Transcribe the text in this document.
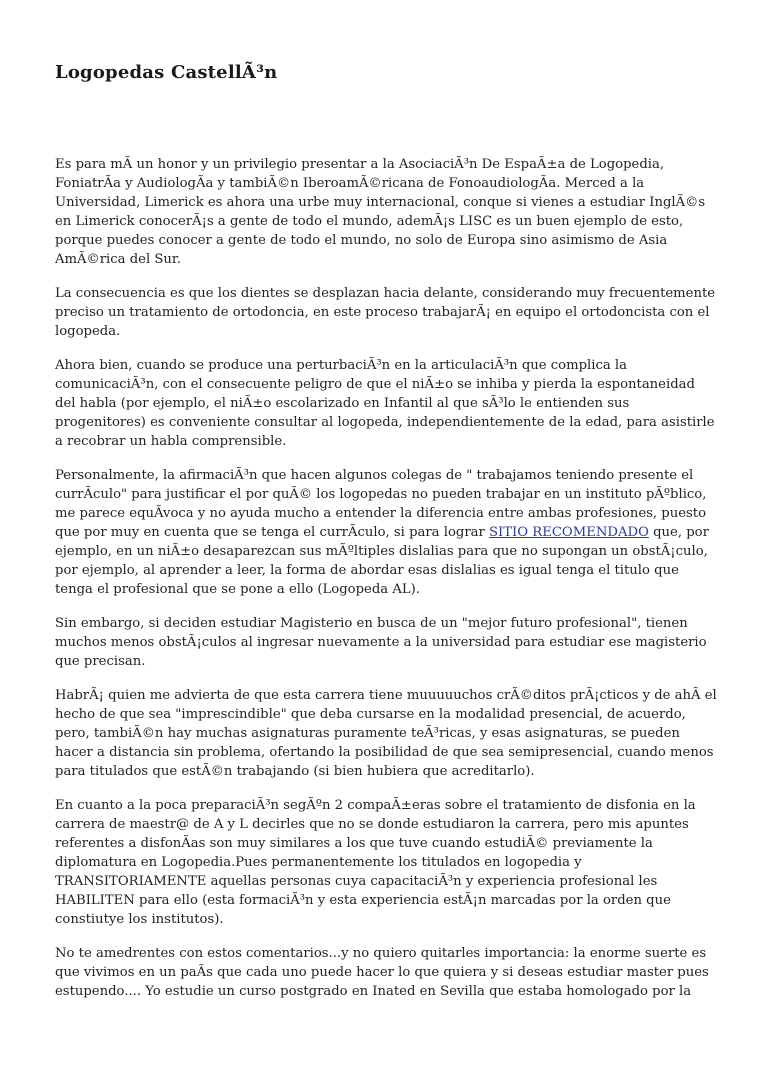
Logopedas CastellÃ³n

Es para mÃ un honor y un privilegio presentar a la AsociaciÃ³n De EspaÃ±a de Logopedia, FoniatrÃa y AudiologÃa y tambiÃ©n IberoamÃ©ricana de FonoaudiologÃa. Merced a la Universidad, Limerick es ahora una urbe muy internacional, conque si vienes a estudiar InglÃ©s en Limerick conocerÃ¡s a gente de todo el mundo, ademÃ¡s LISC es un buen ejemplo de esto, porque puedes conocer a gente de todo el mundo, no solo de Europa sino asimismo de Asia AmÃ©rica del Sur.

La consecuencia es que los dientes se desplazan hacia delante, considerando muy frecuentemente preciso un tratamiento de ortodoncia, en este proceso trabajarÃ¡ en equipo el ortodoncista con el logopeda.

Ahora bien, cuando se produce una perturbaciÃ³n en la articulaciÃ³n que complica la comunicaciÃ³n, con el consecuente peligro de que el niÃ±o se inhiba y pierda la espontaneidad del habla (por ejemplo, el niÃ±o escolarizado en Infantil al que sÃ³lo le entienden sus progenitores) es conveniente consultar al logopeda, independientemente de la edad, para asistirle a recobrar un habla comprensible.

Personalmente, la afirmaciÃ³n que hacen algunos colegas de " trabajamos teniendo presente el currÃculo" para justificar el por quÃ© los logopedas no pueden trabajar en un instituto pÃºblico, me parece equÃvoca y no ayuda mucho a entender la diferencia entre ambas profesiones, puesto que por muy en cuenta que se tenga el currÃculo, si para lograr SITIO RECOMENDADO que, por ejemplo, en un niÃ±o desaparezcan sus mÃºltiples dislalias para que no supongan un obstÃ¡culo, por ejemplo, al aprender a leer, la forma de abordar esas dislalias es igual tenga el titulo que tenga el profesional que se pone a ello (Logopeda AL).

Sin embargo, si deciden estudiar Magisterio en busca de un "mejor futuro profesional", tienen muchos menos obstÃ¡culos al ingresar nuevamente a la universidad para estudiar ese magisterio que precisan.

HabrÃ¡ quien me advierta de que esta carrera tiene muuuuuchos crÃ©ditos prÃ¡cticos y de ahÃ el hecho de que sea "imprescindible" que deba cursarse en la modalidad presencial, de acuerdo, pero, tambiÃ©n hay muchas asignaturas puramente teÃ³ricas, y esas asignaturas, se pueden hacer a distancia sin problema, ofertando la posibilidad de que sea semipresencial, cuando menos para titulados que estÃ©n trabajando (si bien hubiera que acreditarlo).

En cuanto a la poca preparaciÃ³n segÃºn 2 compaÃ±eras sobre el tratamiento de disfonia en la carrera de maestr@ de A y L decirles que no se donde estudiaron la carrera, pero mis apuntes referentes a disfonÃas son muy similares a los que tuve cuando estudiÃ© previamente la diplomatura en Logopedia.Pues permanentemente los titulados en logopedia y TRANSITORIAMENTE aquellas personas cuya capacitaciÃ³n y experiencia profesional les HABILITEN para ello (esta formaciÃ³n y esta experiencia estÃ¡n marcadas por la orden que constiutye los institutos).

No te amedrentes con estos comentarios...y no quiero quitarles importancia: la enorme suerte es que vivimos en un paÃs que cada uno puede hacer lo que quiera y si deseas estudiar master pues estupendo.... Yo estudie un curso postgrado en Inated en Sevilla que estaba homologado por la
